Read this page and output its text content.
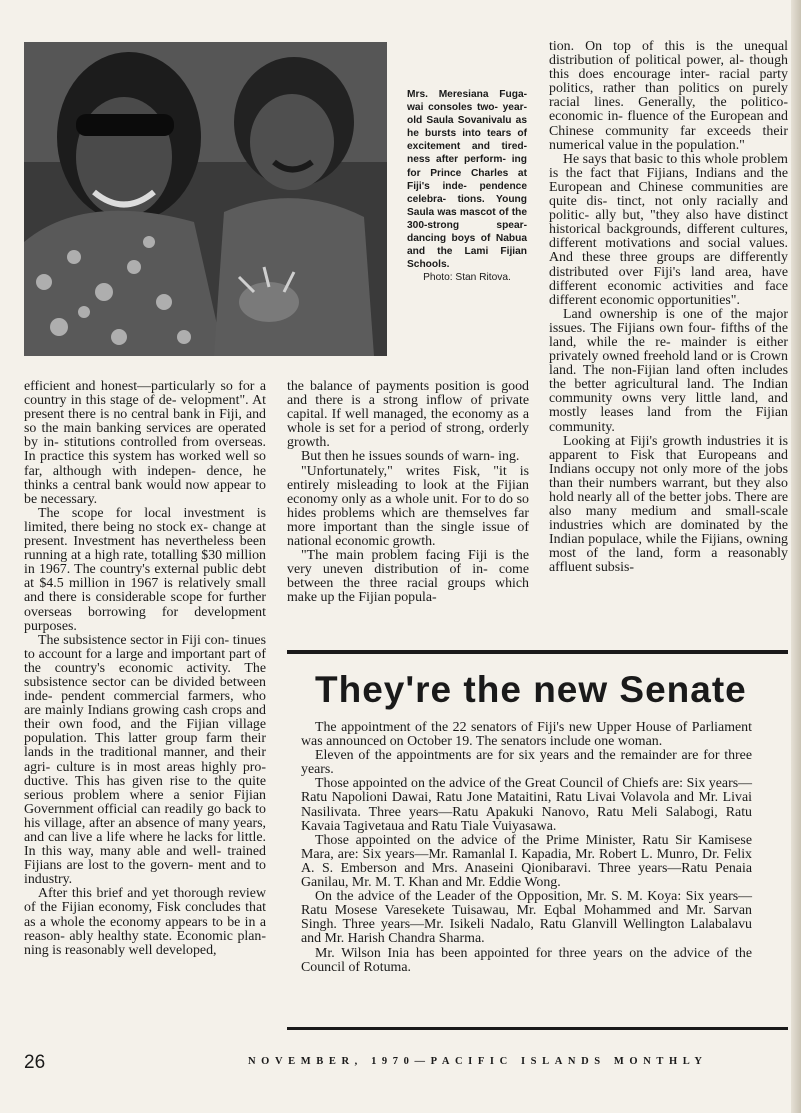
Mrs. Meresiana Fuga- wai consoles two- year-old Saula Sovanivalu as he bursts into tears of excitement and tired- ness after perform- ing for Prince Charles at Fiji's inde- pendence celebra- tions. Young Saula was mascot of the 300-strong spear- dancing boys of Nabua and the Lami Fijian Schools.
Photo: Stan Ritova.

efficient and honest—particularly so for a country in this stage of de- velopment". At present there is no central bank in Fiji, and so the main banking services are operated by in- stitutions controlled from overseas. In practice this system has worked well so far, although with indepen- dence, he thinks a central bank would now appear to be necessary.

The scope for local investment is limited, there being no stock ex- change at present. Investment has nevertheless been running at a high rate, totalling $30 million in 1967. The country's external public debt at $4.5 million in 1967 is relatively small and there is considerable scope for further overseas borrowing for development purposes.

The subsistence sector in Fiji con- tinues to account for a large and important part of the country's economic activity. The subsistence sector can be divided between inde- pendent commercial farmers, who are mainly Indians growing cash crops and their own food, and the Fijian village population. This latter group farm their lands in the traditional manner, and their agri- culture is in most areas highly pro- ductive. This has given rise to the quite serious problem where a senior Fijian Government official can readily go back to his village, after an absence of many years, and can live a life where he lacks for little. In this way, many able and well- trained Fijians are lost to the govern- ment and to industry.

After this brief and yet thorough review of the Fijian economy, Fisk concludes that as a whole the economy appears to be in a reason- ably healthy state. Economic plan- ning is reasonably well developed,

the balance of payments position is good and there is a strong inflow of private capital. If well managed, the economy as a whole is set for a period of strong, orderly growth.

But then he issues sounds of warn- ing.

"Unfortunately," writes Fisk, "it is entirely misleading to look at the Fijian economy only as a whole unit. For to do so hides problems which are themselves far more important than the single issue of national economic growth.

"The main problem facing Fiji is the very uneven distribution of in- come between the three racial groups which make up the Fijian popula-

tion. On top of this is the unequal distribution of political power, al- though this does encourage inter- racial party politics, rather than politics on purely racial lines. Generally, the politico-economic in- fluence of the European and Chinese community far exceeds their numerical value in the population."

He says that basic to this whole problem is the fact that Fijians, Indians and the European and Chinese communities are quite dis- tinct, not only racially and politic- ally but, "they also have distinct historical backgrounds, different cultures, different motivations and social values. And these three groups are differently distributed over Fiji's land area, have different economic activities and face different economic opportunities".

Land ownership is one of the major issues. The Fijians own four- fifths of the land, while the re- mainder is either privately owned freehold land or is Crown land. The non-Fijian land often includes the better agricultural land. The Indian community owns very little land, and mostly leases land from the Fijian community.

Looking at Fiji's growth industries it is apparent to Fisk that Europeans and Indians occupy not only more of the jobs than their numbers warrant, but they also hold nearly all of the better jobs. There are also many medium and small-scale industries which are dominated by the Indian populace, while the Fijians, owning most of the land, form a reasonably affluent subsis-

They're the new Senate

The appointment of the 22 senators of Fiji's new Upper House of Parliament was announced on October 19. The senators include one woman.

Eleven of the appointments are for six years and the remainder are for three years.

Those appointed on the advice of the Great Council of Chiefs are: Six years—Ratu Napolioni Dawai, Ratu Jone Mataitini, Ratu Livai Volavola and Mr. Livai Nasilivata. Three years—Ratu Apakuki Nanovo, Ratu Meli Salabogi, Ratu Kavaia Tagivetaua and Ratu Tiale Vuiyasawa.

Those appointed on the advice of the Prime Minister, Ratu Sir Kamisese Mara, are: Six years—Mr. Ramanlal I. Kapadia, Mr. Robert L. Munro, Dr. Felix A. S. Emberson and Mrs. Anaseini Qionibaravi. Three years—Ratu Penaia Ganilau, Mr. M. T. Khan and Mr. Eddie Wong.

On the advice of the Leader of the Opposition, Mr. S. M. Koya: Six years—Ratu Mosese Varesekete Tuisawau, Mr. Eqbal Mohammed and Mr. Sarvan Singh. Three years—Mr. Isikeli Nadalo, Ratu Glanvill Wellington Lalabalavu and Mr. Harish Chandra Sharma.

Mr. Wilson Inia has been appointed for three years on the advice of the Council of Rotuma.

26	NOVEMBER, 1970—PACIFIC ISLANDS MONTHLY
